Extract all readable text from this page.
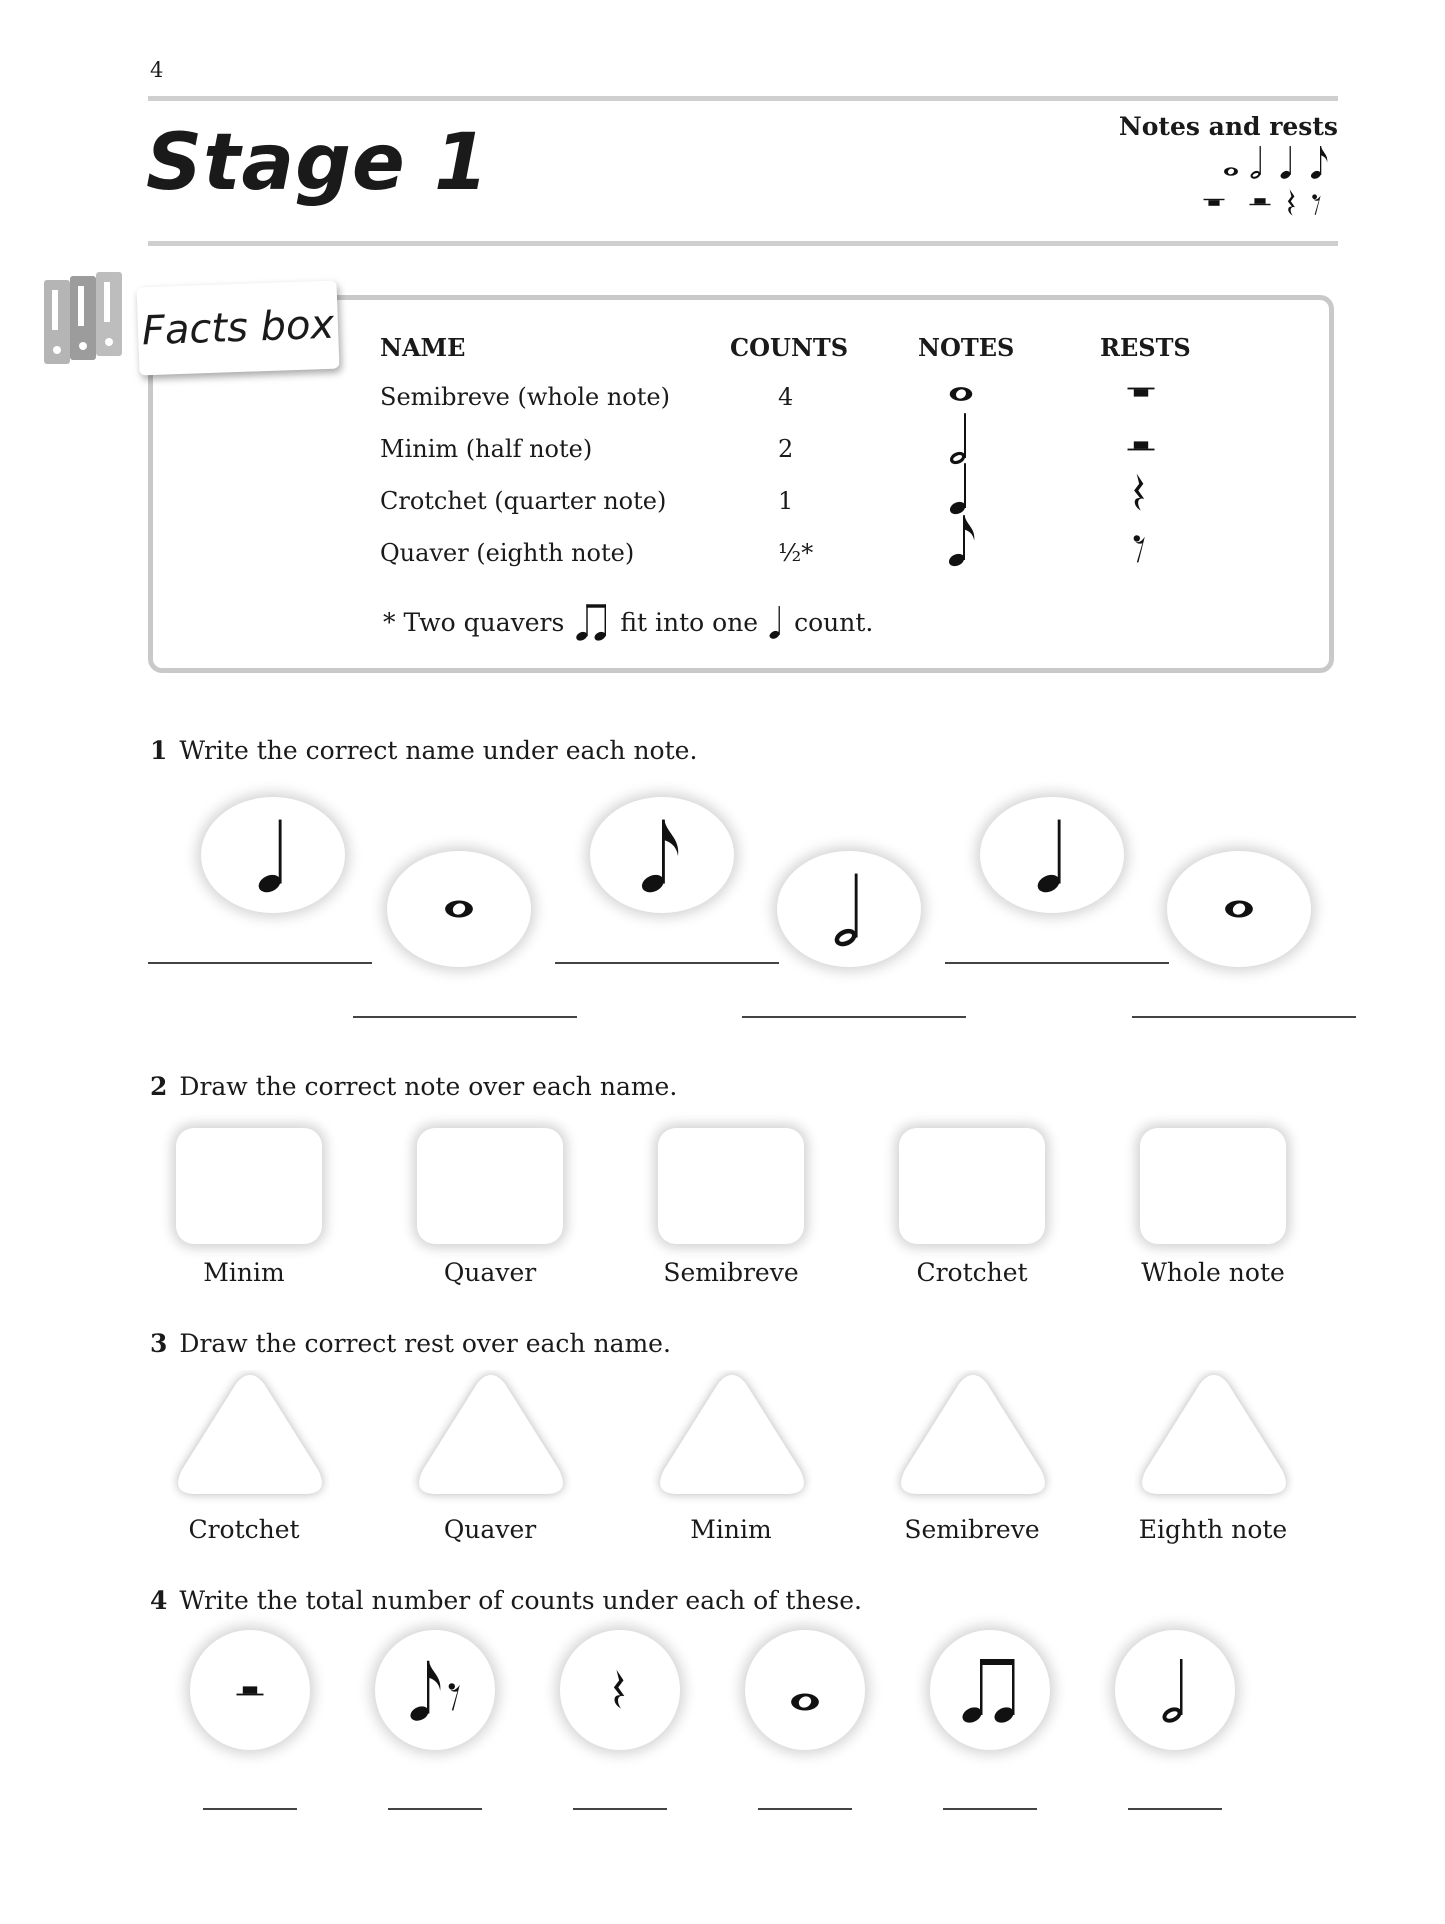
4
Stage 1	Notes and rests
Facts box NAME	COUNTS	NOTES	RESTS
Semibreve (whole note)	4
Minim (half note)	2
Crotchet (quarter note)	1
Quaver (eighth note)	½*
* Two quavers fit into one count.
1 Write the correct name under each note.
2 Draw the correct note over each name.
Minim	Quaver	Semibreve	Crotchet	Whole note
3 Draw the correct rest over each name.
Crotchet	Quaver	Minim	Semibreve	Eighth note
4 Write the total number of counts under each of these.
